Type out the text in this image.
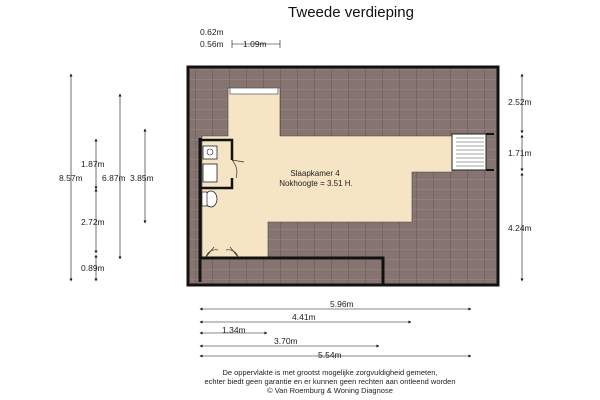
Tweede verdieping
Slaapkamer 4
Nokhoogte = 3.51 H.
0.62m
0.56m 1.09m
8.57m 6.87m 3.85m
1.87m
2.72m
0.89m
2.52m
1.71m
4.24m
5.96m
4.41m
1.34m
3.70m
5.54m
De oppervlakte is met grootst mogelijke zorgvuldigheid gemeten,
echter biedt geen garantie en er kunnen geen rechten aan ontleend worden
© Van Roemburg & Woning Diagnose
